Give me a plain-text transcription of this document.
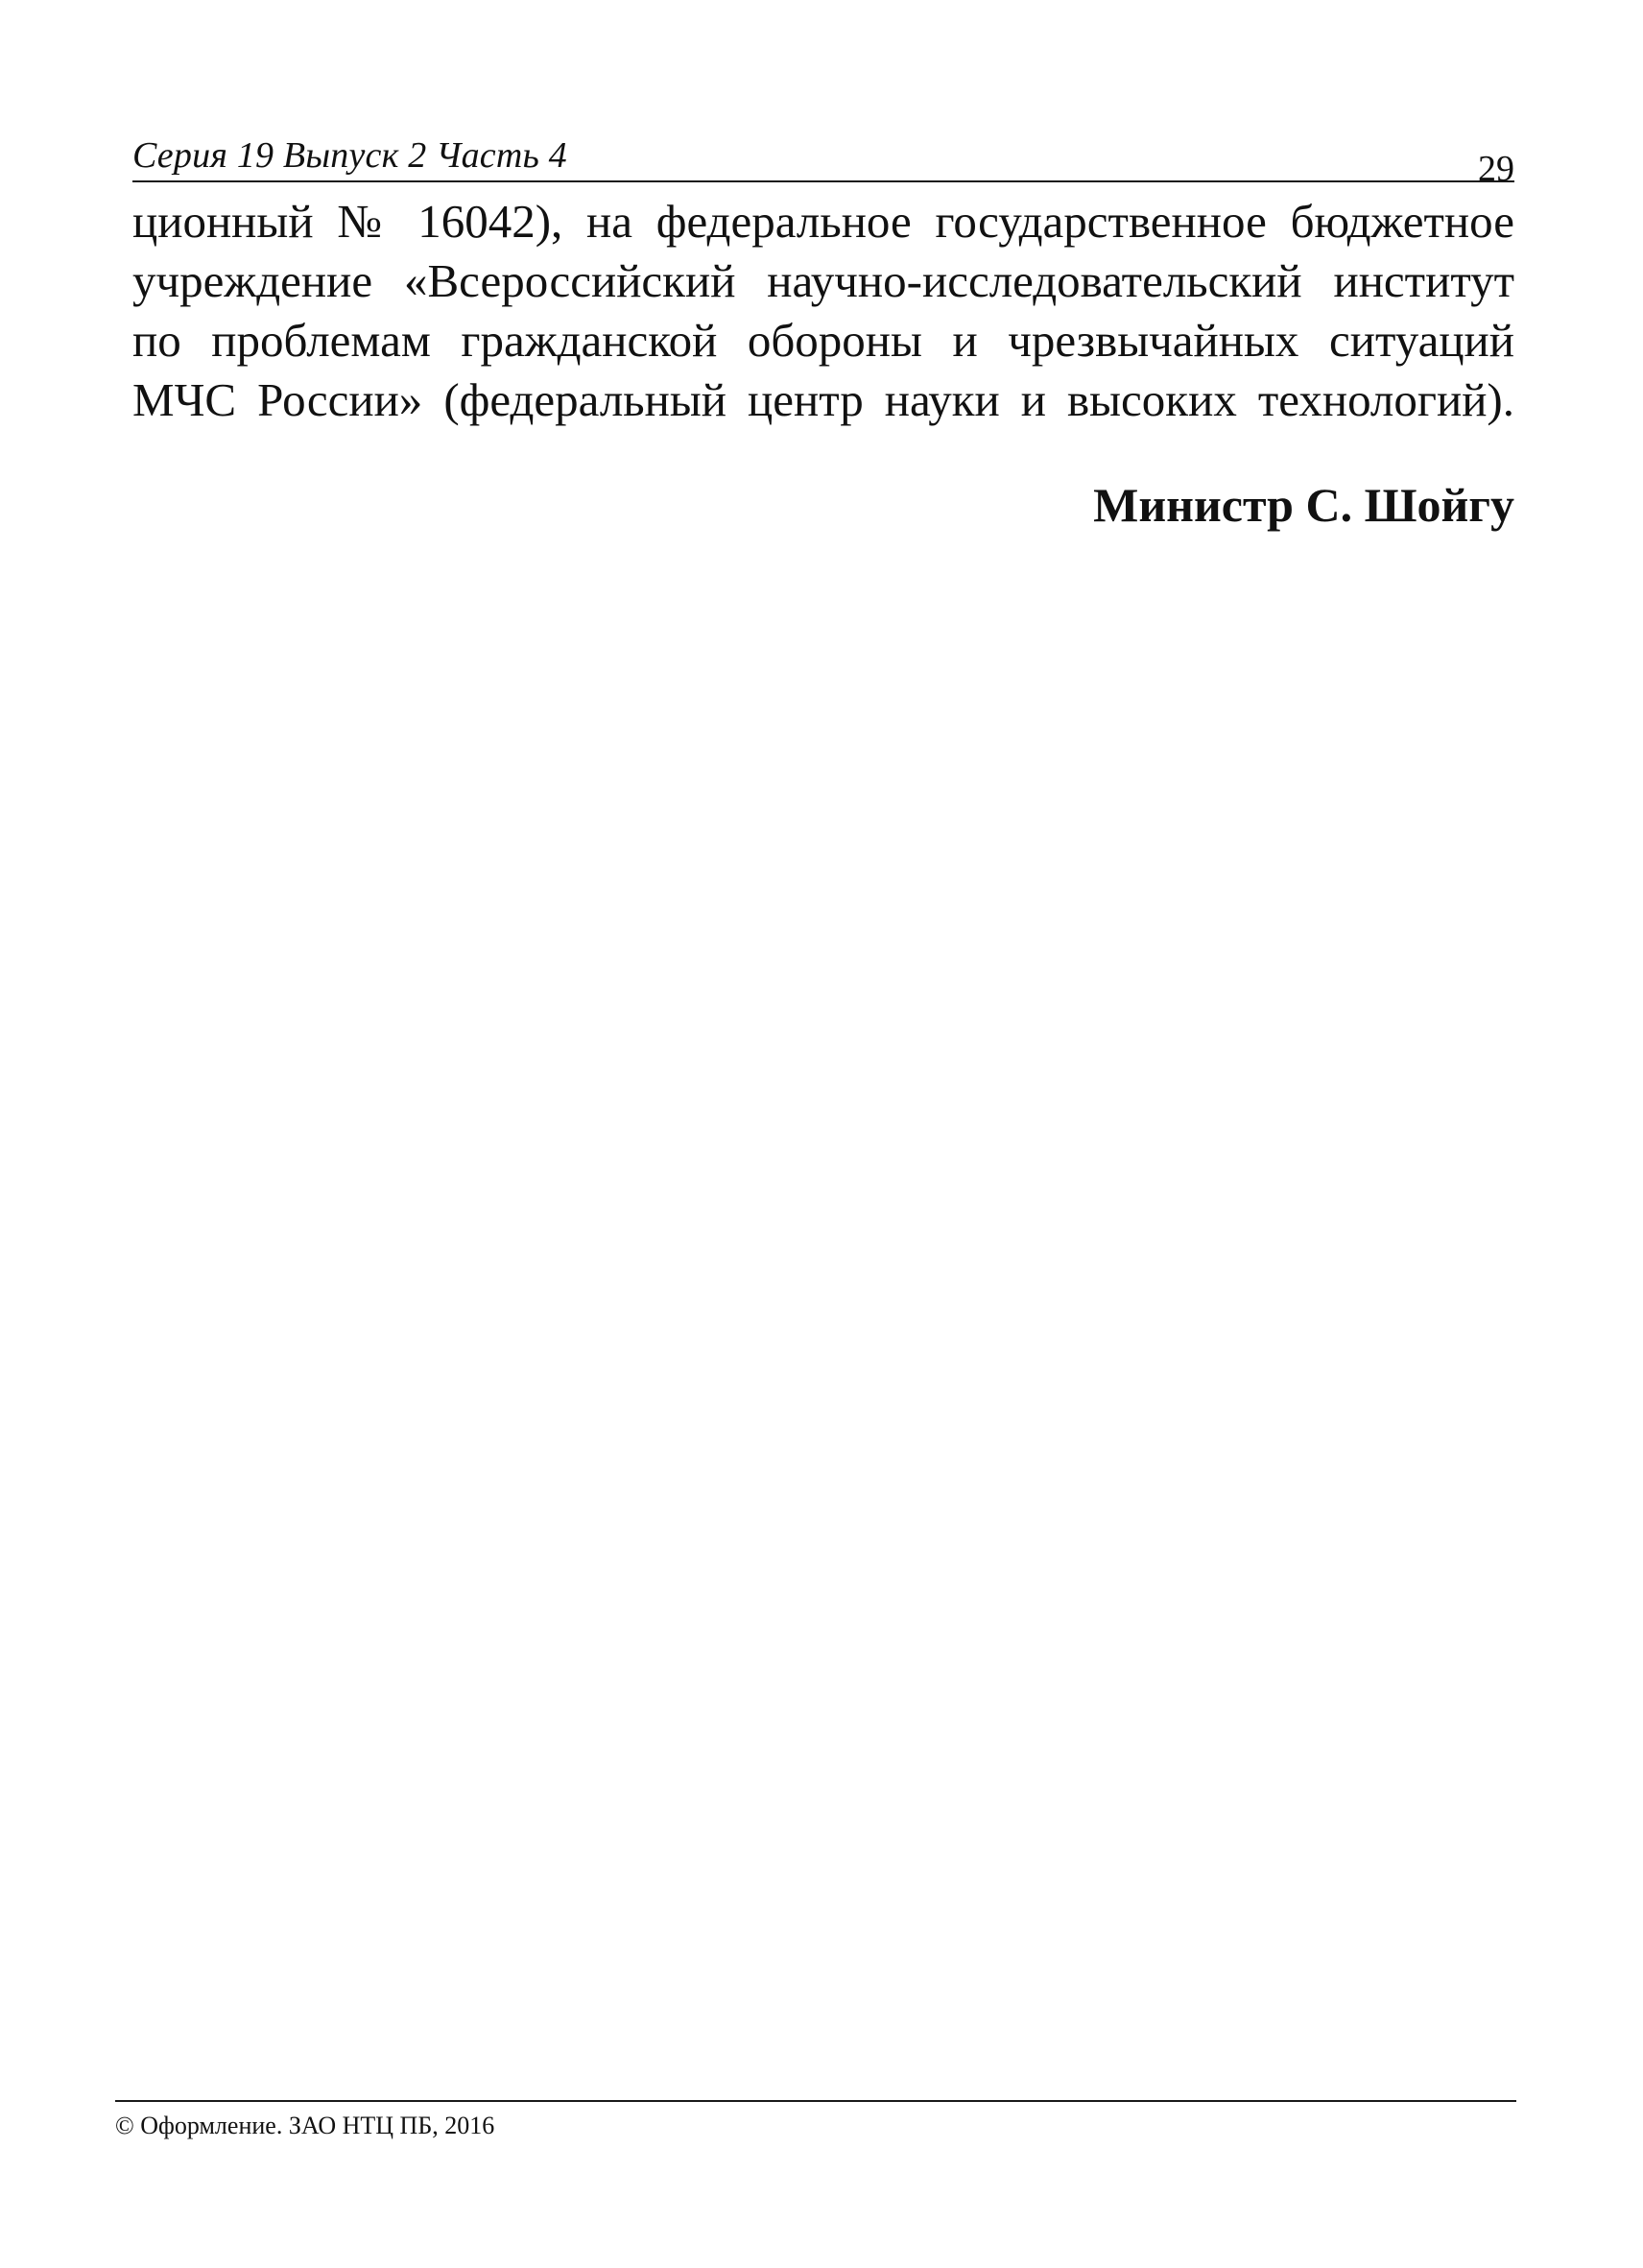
Серия 19 Выпуск 2 Часть 4	29
ционный № 16042), на федеральное государственное бюджетное
учреждение «Всероссийский научно-исследовательский институт
по проблемам гражданской обороны и чрезвычайных ситуаций
МЧС России» (федеральный центр науки и высоких технологий).
Министр С. Шойгу
© Оформление. ЗАО НТЦ ПБ, 2016
